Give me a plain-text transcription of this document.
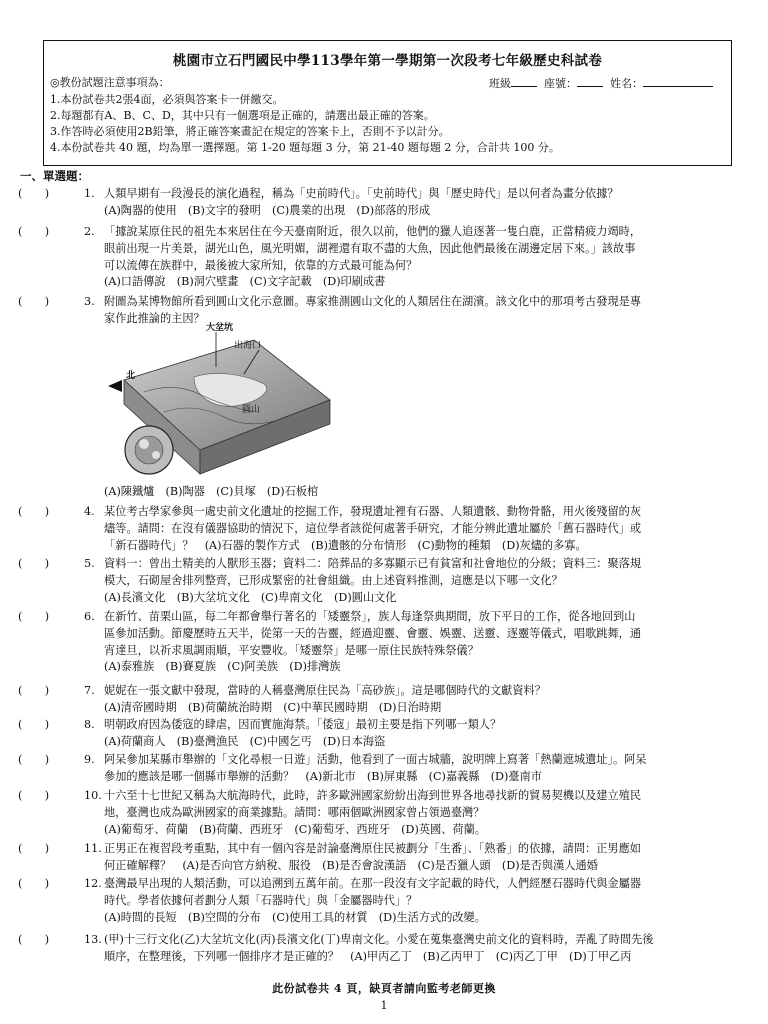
桃園市立石門國民中學113學年第一學期第一次段考七年級歷史科試卷
◎教份試題注意事項為：	班級	座號：	姓名：
1.本份試卷共2張4面，必須與答案卡一併繳交。
2.每題都有A、B、C、D，其中只有一個選項是正確的，請選出最正確的答案。
3.作答時必須使用2B鉛筆，將正確答案畫記在規定的答案卡上，否則不予以計分。
4.本份試卷共 40 題，均為單一選擇題。第 1-20 題每題 3 分，第 21-40 題每題 2 分，合計共 100 分。
一、單選題：
(　　)	1. 人類早期有一段漫長的演化過程，稱為「史前時代」。「史前時代」與「歷史時代」是以何者為畫分依據？
(A)陶器的使用　(B)文字的發明　(C)農業的出現　(D)部落的形成
(　　)	2. 「據說某原住民的祖先本來居住在今天臺南附近，很久以前，他們的獵人追逐著一隻白鹿，正當精疲力竭時，
眼前出現一片美景，湖光山色，風光明媚，湖裡還有取不盡的大魚，因此他們最後在湖邊定居下來。」該故事
可以流傳在族群中，最後被大家所知，依靠的方式最可能為何？
(A)口語傳說　(B)洞穴壁畫　(C)文字記載　(D)印刷成書
(　　)	3. 附圖為某博物館所看到圓山文化示意圖。專家推測圓山文化的人類居住在湖濱。該文化中的那項考古發現是專
家作此推論的主因？
(A)陳鐵爐　(B)陶器　(C)貝塚　(D)石板棺
(　　)	4. 某位考古學家參與一處史前文化遺址的挖掘工作，發現遺址裡有石器、人類遺骸、動物骨骼，用火後殘留的灰
燼等。請問：在沒有儀器協助的情況下，這位學者該從何處著手研究，才能分辨此遺址屬於「舊石器時代」或
「新石器時代」？　(A)石器的製作方式　(B)遺骸的分布情形　(C)動物的種類　(D)灰燼的多寡。
(　　)	5. 資料一：曾出土精美的人獸形玉器；資料二：陪葬品的多寡顯示已有貧富和社會地位的分級；資料三：聚落規
模大，石砌屋舍排列整齊，已形成緊密的社會組織。由上述資料推測，這應是以下哪一文化？
(A)長濱文化　(B)大坌坑文化　(C)卑南文化　(D)圓山文化
(　　)	6. 在新竹、苗栗山區，每二年都會舉行著名的「矮靈祭」，族人每逢祭典期間，放下平日的工作，從各地回到山
區參加活動。節慶歷時五天半，從第一天的告靈，經過迎靈、會靈、娛靈、送靈、逐靈等儀式，唱歌跳舞，通
宵達旦，以祈求風調雨順，平安豐收。「矮靈祭」是哪一原住民族特殊祭儀？
(A)泰雅族　(B)賽夏族　(C)阿美族　(D)排灣族
(　　)	7. 妮妮在一張文獻中發現，當時的人稱臺灣原住民為「高砂族」。這是哪個時代的文獻資料？
(A)清帝國時期　(B)荷蘭統治時期　(C)中華民國時期　(D)日治時期
(　　)	8. 明朝政府因為倭寇的肆虐，因而實施海禁。「倭寇」最初主要是指下列哪一類人？
(A)荷蘭商人　(B)臺灣漁民　(C)中國乞丐　(D)日本海盜
(　　)	9. 阿呆參加某縣市舉辦的「文化尋根一日遊」活動，他看到了一面古城牆，說明牌上寫著「熱蘭遮城遺址」。阿呆
參加的應該是哪一個縣市舉辦的活動？　(A)新北市　(B)屏東縣　(C)嘉義縣　(D)臺南市
(　　)	10. 十六至十七世紀又稱為大航海時代，此時，許多歐洲國家紛紛出海到世界各地尋找新的貿易契機以及建立殖民
地，臺灣也成為歐洲國家的商業據點。請問：哪兩個歐洲國家曾占領過臺灣？
(A)葡萄牙、荷蘭　(B)荷蘭、西班牙　(C)葡萄牙、西班牙　(D)英國、荷蘭。
(　　)	11. 正男正在複習段考重點，其中有一個內容是討論臺灣原住民被劃分「生番」、「熟番」的依據，請問：正男應如
何正確解釋？　(A)是否向官方納稅、服役　(B)是否會說漢語　(C)是否獵人頭　(D)是否與漢人通婚
(　　)	12. 臺灣最早出現的人類活動，可以追溯到五萬年前。在那一段沒有文字記載的時代，人們經歷石器時代與金屬器
時代。學者依據何者劃分人類「石器時代」與「金屬器時代」？
(A)時間的長短　(B)空間的分布　(C)使用工具的材質　(D)生活方式的改變。
(　　)	13. (甲)十三行文化(乙)大坌坑文化(丙)長濱文化(丁)卑南文化。小愛在蒐集臺灣史前文化的資料時，弄亂了時間先後
順序，在整理後，下列哪一個排序才是正確的？　(A)甲丙乙丁　(B)乙丙甲丁　(C)丙乙丁甲　(D)丁甲乙丙
大坌坑
出海口
北
圓山
此份試卷共 4 頁，缺頁者請向監考老師更換
1
